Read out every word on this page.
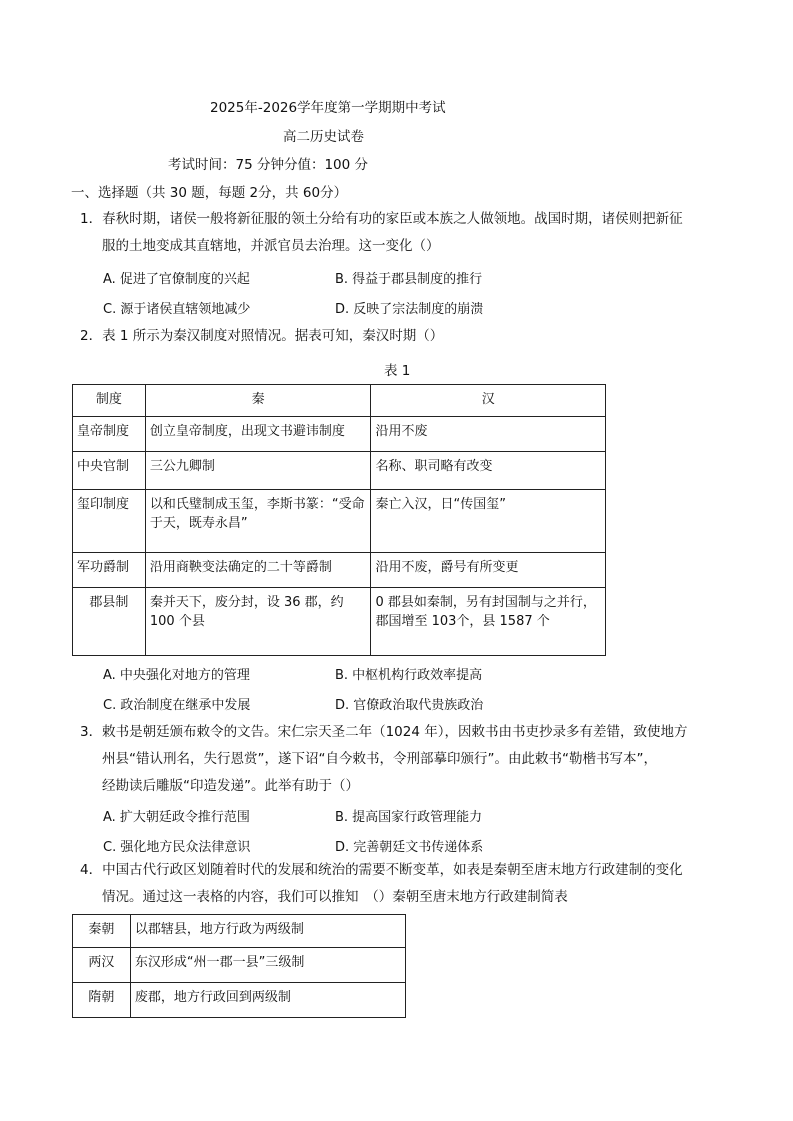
2025年-2026学年度第一学期期中考试
高二历史试卷
考试时间：75 分钟分值：100 分
一、选择题（共 30 题，每题 2分，共 60分）
1．春秋时期，诸侯一般将新征服的领土分给有功的家臣或本族之人做领地。战国时期，诸侯则把新征
服的土地变成其直辖地，并派官员去治理。这一变化（）
A. 促进了官僚制度的兴起	B. 得益于郡县制度的推行
C. 源于诸侯直辖领地减少	D. 反映了宗法制度的崩溃
2．表 1 所示为秦汉制度对照情况。据表可知，秦汉时期（）
表 1
制度	秦	汉
皇帝制度	创立皇帝制度，出现文书避讳制度	沿用不废
中央官制	三公九卿制	名称、职司略有改变
玺印制度	以和氏璧制成玉玺，李斯书篆：“受命于天，既寿永昌”	秦亡入汉，日“传国玺”
军功爵制	沿用商鞅变法确定的二十等爵制	沿用不废，爵号有所变更
郡县制	秦并天下，废分封，设 36 郡，约 100 个县	0 郡县如秦制，另有封国制与之并行，郡国增至 103个，县 1587 个
A. 中央强化对地方的管理	B. 中枢机构行政效率提高
C. 政治制度在继承中发展	D. 官僚政治取代贵族政治
3．敕书是朝廷颁布敕令的文告。宋仁宗天圣二年（1024 年），因敕书由书吏抄录多有差错，致使地方
州县“错认刑名，失行恩赏”，遂下诏“自今敕书，令刑部摹印颁行”。由此敕书“勒楷书写本”，
经勘读后雕版“印造发递”。此举有助于（）
A. 扩大朝廷政令推行范围	B. 提高国家行政管理能力
C. 强化地方民众法律意识	D. 完善朝廷文书传递体系
4．中国古代行政区划随着时代的发展和统治的需要不断变革，如表是秦朝至唐末地方行政建制的变化
情况。通过这一表格的内容，我们可以推知　（）秦朝至唐末地方行政建制简表
秦朝	以郡辖县，地方行政为两级制
两汉	东汉形成“州一郡一县”三级制
隋朝	废郡，地方行政回到两级制
